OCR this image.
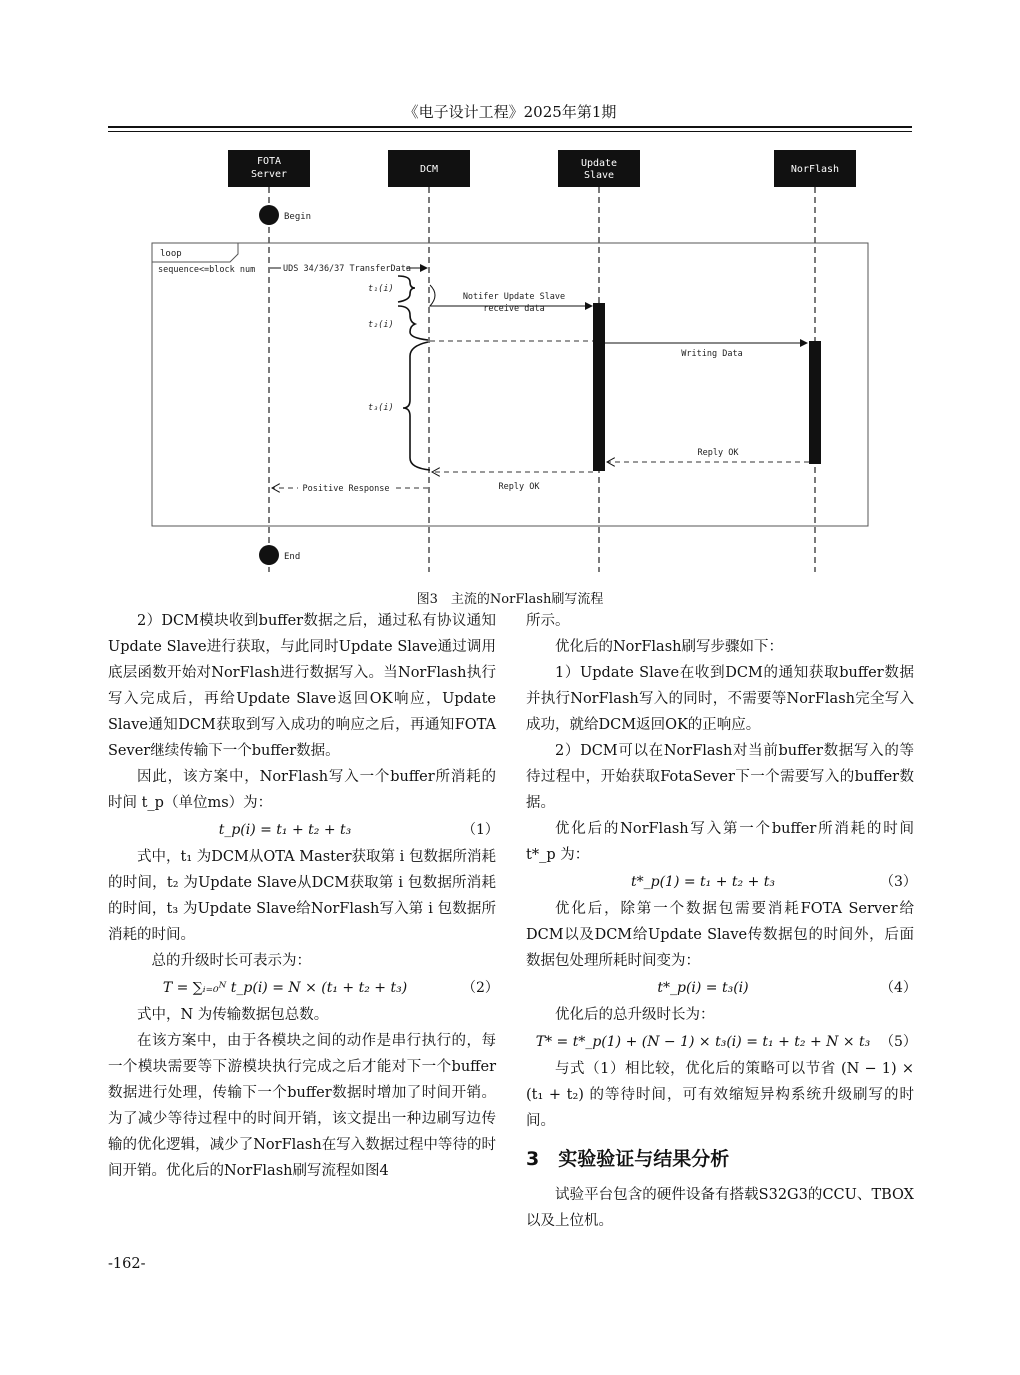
《电子设计工程》2025年第1期
FOTA
Server	DCM
Update
Slave
NorFlash
Begin
End
loop
sequence<=block num	UDS 34/36/37 TransferData
t₁(i)
t₂(i)
t₃(i)
Notifer Update Slave
receive data
Writing Data
Reply OK
Reply OK
Positive Response
图3　主流的NorFlash刷写流程

2）DCM模块收到buffer数据之后，通过私有协议通知Update Slave进行获取，与此同时Update Slave通过调用底层函数开始对NorFlash进行数据写入。当NorFlash执行写入完成后，再给Update Slave返回OK响应，Update Slave通知DCM获取到写入成功的响应之后，再通知FOTA Sever继续传输下一个buffer数据。

因此，该方案中，NorFlash写入一个buffer所消耗的时间 t_p（单位ms）为：

t_p(i) = t₁ + t₂ + t₃	（1）

式中，t₁ 为DCM从OTA Master获取第 i 包数据所消耗的时间，t₂ 为Update Slave从DCM获取第 i 包数据所消耗的时间，t₃ 为Update Slave给NorFlash写入第 i 包数据所消耗的时间。

总的升级时长可表示为：

T = ∑ᵢ₌₀ᴺ t_p(i) = N × (t₁ + t₂ + t₃)	（2）

式中，N 为传输数据包总数。

在该方案中，由于各模块之间的动作是串行执行的，每一个模块需要等下游模块执行完成之后才能对下一个buffer数据进行处理，传输下一个buffer数据时增加了时间开销。为了减少等待过程中的时间开销，该文提出一种边刷写边传输的优化逻辑，减少了NorFlash在写入数据过程中等待的时间开销。优化后的NorFlash刷写流程如图4

所示。

优化后的NorFlash刷写步骤如下：

1）Update Slave在收到DCM的通知获取buffer数据并执行NorFlash写入的同时，不需要等NorFlash完全写入成功，就给DCM返回OK的正响应。

2）DCM可以在NorFlash对当前buffer数据写入的等待过程中，开始获取FotaSever下一个需要写入的buffer数据。

优化后的NorFlash写入第一个buffer所消耗的时间 t*_p 为：

t*_p(1) = t₁ + t₂ + t₃	（3）

优化后，除第一个数据包需要消耗FOTA Server给DCM以及DCM给Update Slave传数据包的时间外，后面数据包处理所耗时间变为：

t*_p(i) = t₃(i)	（4）

优化后的总升级时长为：

T* = t*_p(1) + (N − 1) × t₃(i) = t₁ + t₂ + N × t₃ （5）

与式（1）相比较，优化后的策略可以节省 (N − 1) × (t₁ + t₂) 的等待时间，可有效缩短异构系统升级刷写的时间。

3　实验验证与结果分析

试验平台包含的硬件设备有搭载S32G3的CCU、TBOX以及上位机。

-162-
